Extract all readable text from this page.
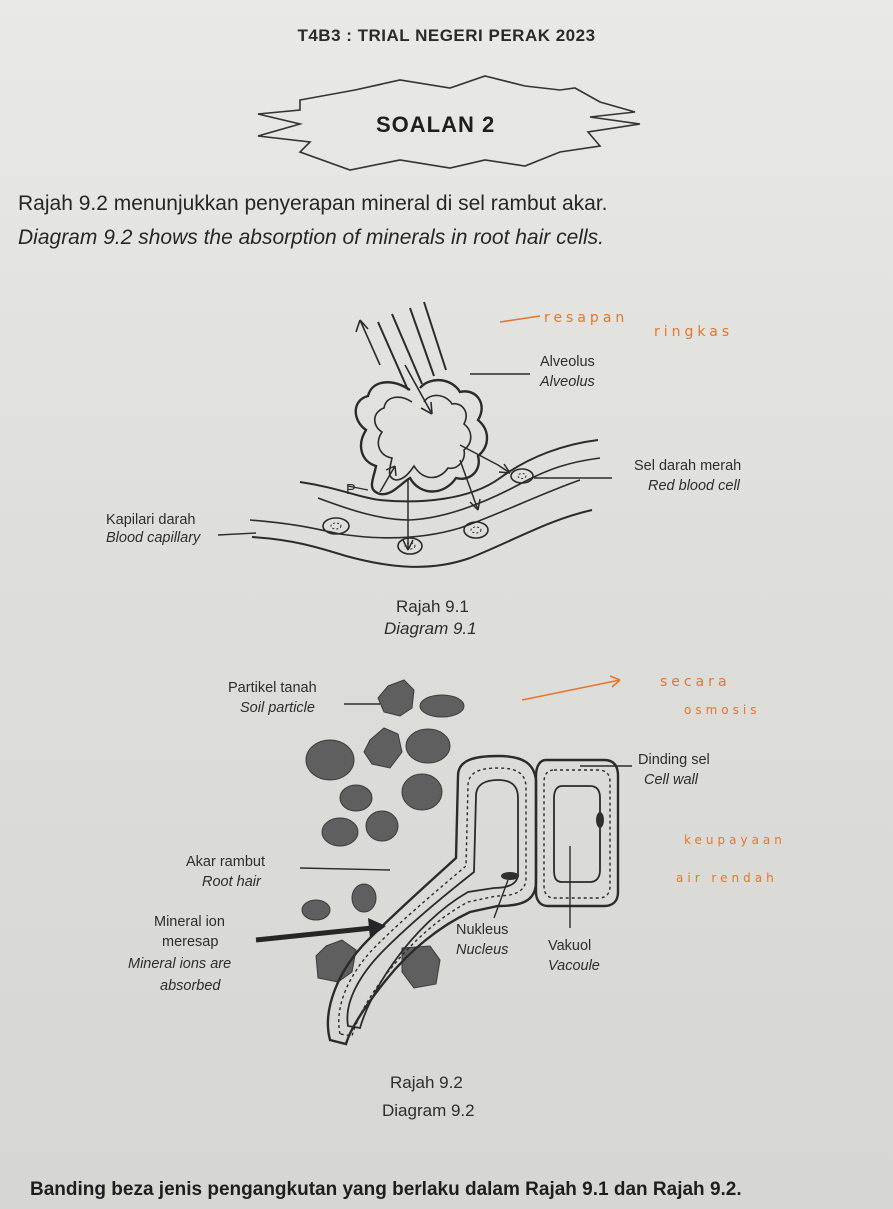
T4B3 : TRIAL NEGERI PERAK 2023
Rajah 9.2 menunjukkan penyerapan mineral di sel rambut akar.
Diagram 9.2 shows the absorption of minerals in root hair cells.
SOALAN 2
Alveolus
Alveolus
Sel darah merah
Red blood cell
Kapilari darah
Blood capillary
P
Rajah 9.1
Diagram 9.1
Partikel tanah
Soil particle
Dinding sel
Cell wall
Akar rambut
Root hair
Mineral ion
meresap
Mineral ions are
absorbed
Nukleus
Nucleus	Vakuol
Vacoule
Rajah 9.2
Diagram 9.2
resapan
ringkas
secara
osmosis
keupayaan
air rendah
Banding beza jenis pengangkutan yang berlaku dalam Rajah 9.1 dan Rajah 9.2.
